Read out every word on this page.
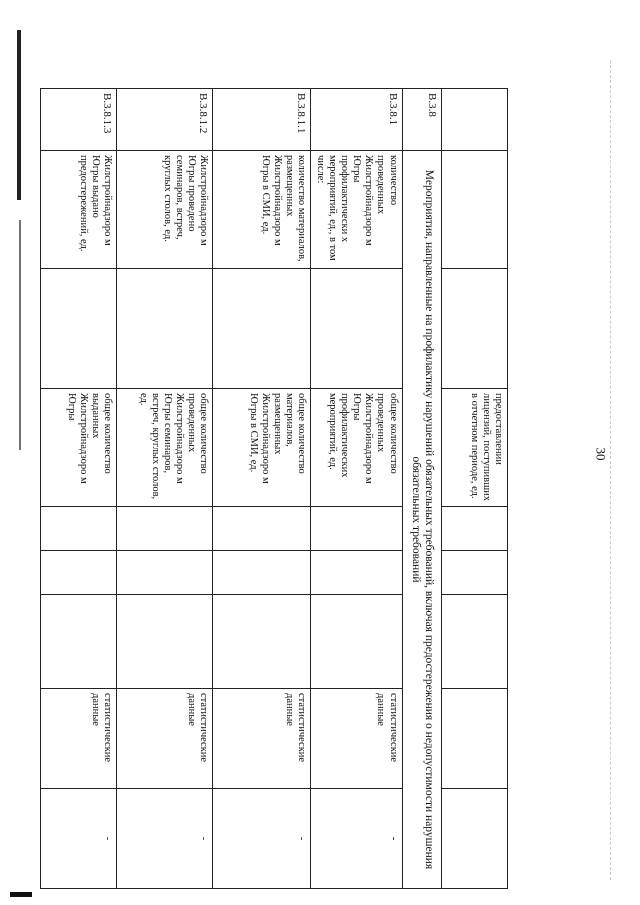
30
			предоставлении лицензий, поступивших в отчетном периоде, ед.					
В.3.8	Мероприятия, направленные на профилактику нарушений обязательных требований, включая предостережения о недопустимости нарушения обязательных требований							
В.3.8.1	количество проведенных Жилстройнадзоро м Югры профилактически х мероприятий, ед., в том числе:		общее количество проведенных Жилстройнадзоро м Югры профилактических мероприятий, ед.				статистические данные	-
В.3.8.1.1	количество материалов, размещенных Жилстройнадзоро м Югры в СМИ, ед.		общее количество материалов, размещенных Жилстройнадзоро м Югры в СМИ, ед.				статистические данные	-
В.3.8.1.2	Жилстройнадзоро м Югры проведено семинаров, встреч, круглых столов, ед.		общее количество проведенных Жилстройнадзоро м Югры семинаров, встреч, круглых столов, ед.				статистические данные	-
В.3.8.1.3	Жилстройнадзоро м Югры выдано предостережений, ед.		общее количество выданных Жилстройнадзоро м Югры				статистические данные	-
